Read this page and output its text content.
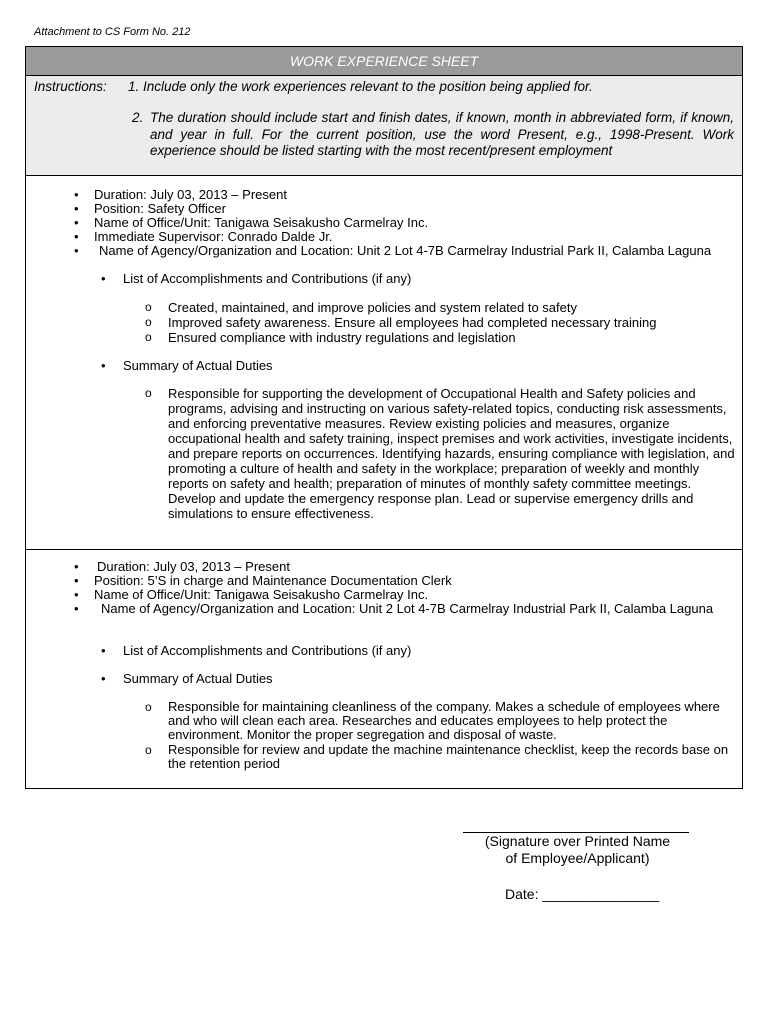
Attachment to CS Form No. 212
WORK EXPERIENCE SHEET
Instructions: 1. Include only the work experiences relevant to the position being applied for.
2. The duration should include start and finish dates, if known, month in abbreviated form, if known, and year in full. For the current position, use the word Present, e.g., 1998-Present. Work experience should be listed starting with the most recent/present employment
•	Duration: July 03, 2013 – Present
•	Position: Safety Officer
•	Name of Office/Unit: Tanigawa Seisakusho Carmelray Inc.
•	Immediate Supervisor: Conrado Dalde Jr.
•	Name of Agency/Organization and Location: Unit 2 Lot 4-7B Carmelray Industrial Park II, Calamba Laguna
• List of Accomplishments and Contributions (if any)
o Created, maintained, and improve policies and system related to safety
o Improved safety awareness. Ensure all employees had completed necessary training
o Ensured compliance with industry regulations and legislation
• Summary of Actual Duties
o Responsible for supporting the development of Occupational Health and Safety policies and programs, advising and instructing on various safety-related topics, conducting risk assessments, and enforcing preventative measures. Review existing policies and measures, organize occupational health and safety training, inspect premises and work activities, investigate incidents, and prepare reports on occurrences. Identifying hazards, ensuring compliance with legislation, and promoting a culture of health and safety in the workplace; preparation of weekly and monthly reports on safety and health; preparation of minutes of monthly safety committee meetings. Develop and update the emergency response plan. Lead or supervise emergency drills and simulations to ensure effectiveness.
•	Duration: July 03, 2013 – Present
•	Position: 5’S in charge and Maintenance Documentation Clerk
•	Name of Office/Unit: Tanigawa Seisakusho Carmelray Inc.
•	Name of Agency/Organization and Location: Unit 2 Lot 4-7B Carmelray Industrial Park II, Calamba Laguna
• List of Accomplishments and Contributions (if any)
• Summary of Actual Duties
o Responsible for maintaining cleanliness of the company. Makes a schedule of employees where and who will clean each area. Researches and educates employees to help protect the environment. Monitor the proper segregation and disposal of waste.
o Responsible for review and update the machine maintenance checklist, keep the records base on the retention period
(Signature over Printed Name
of Employee/Applicant)
Date: _______________
